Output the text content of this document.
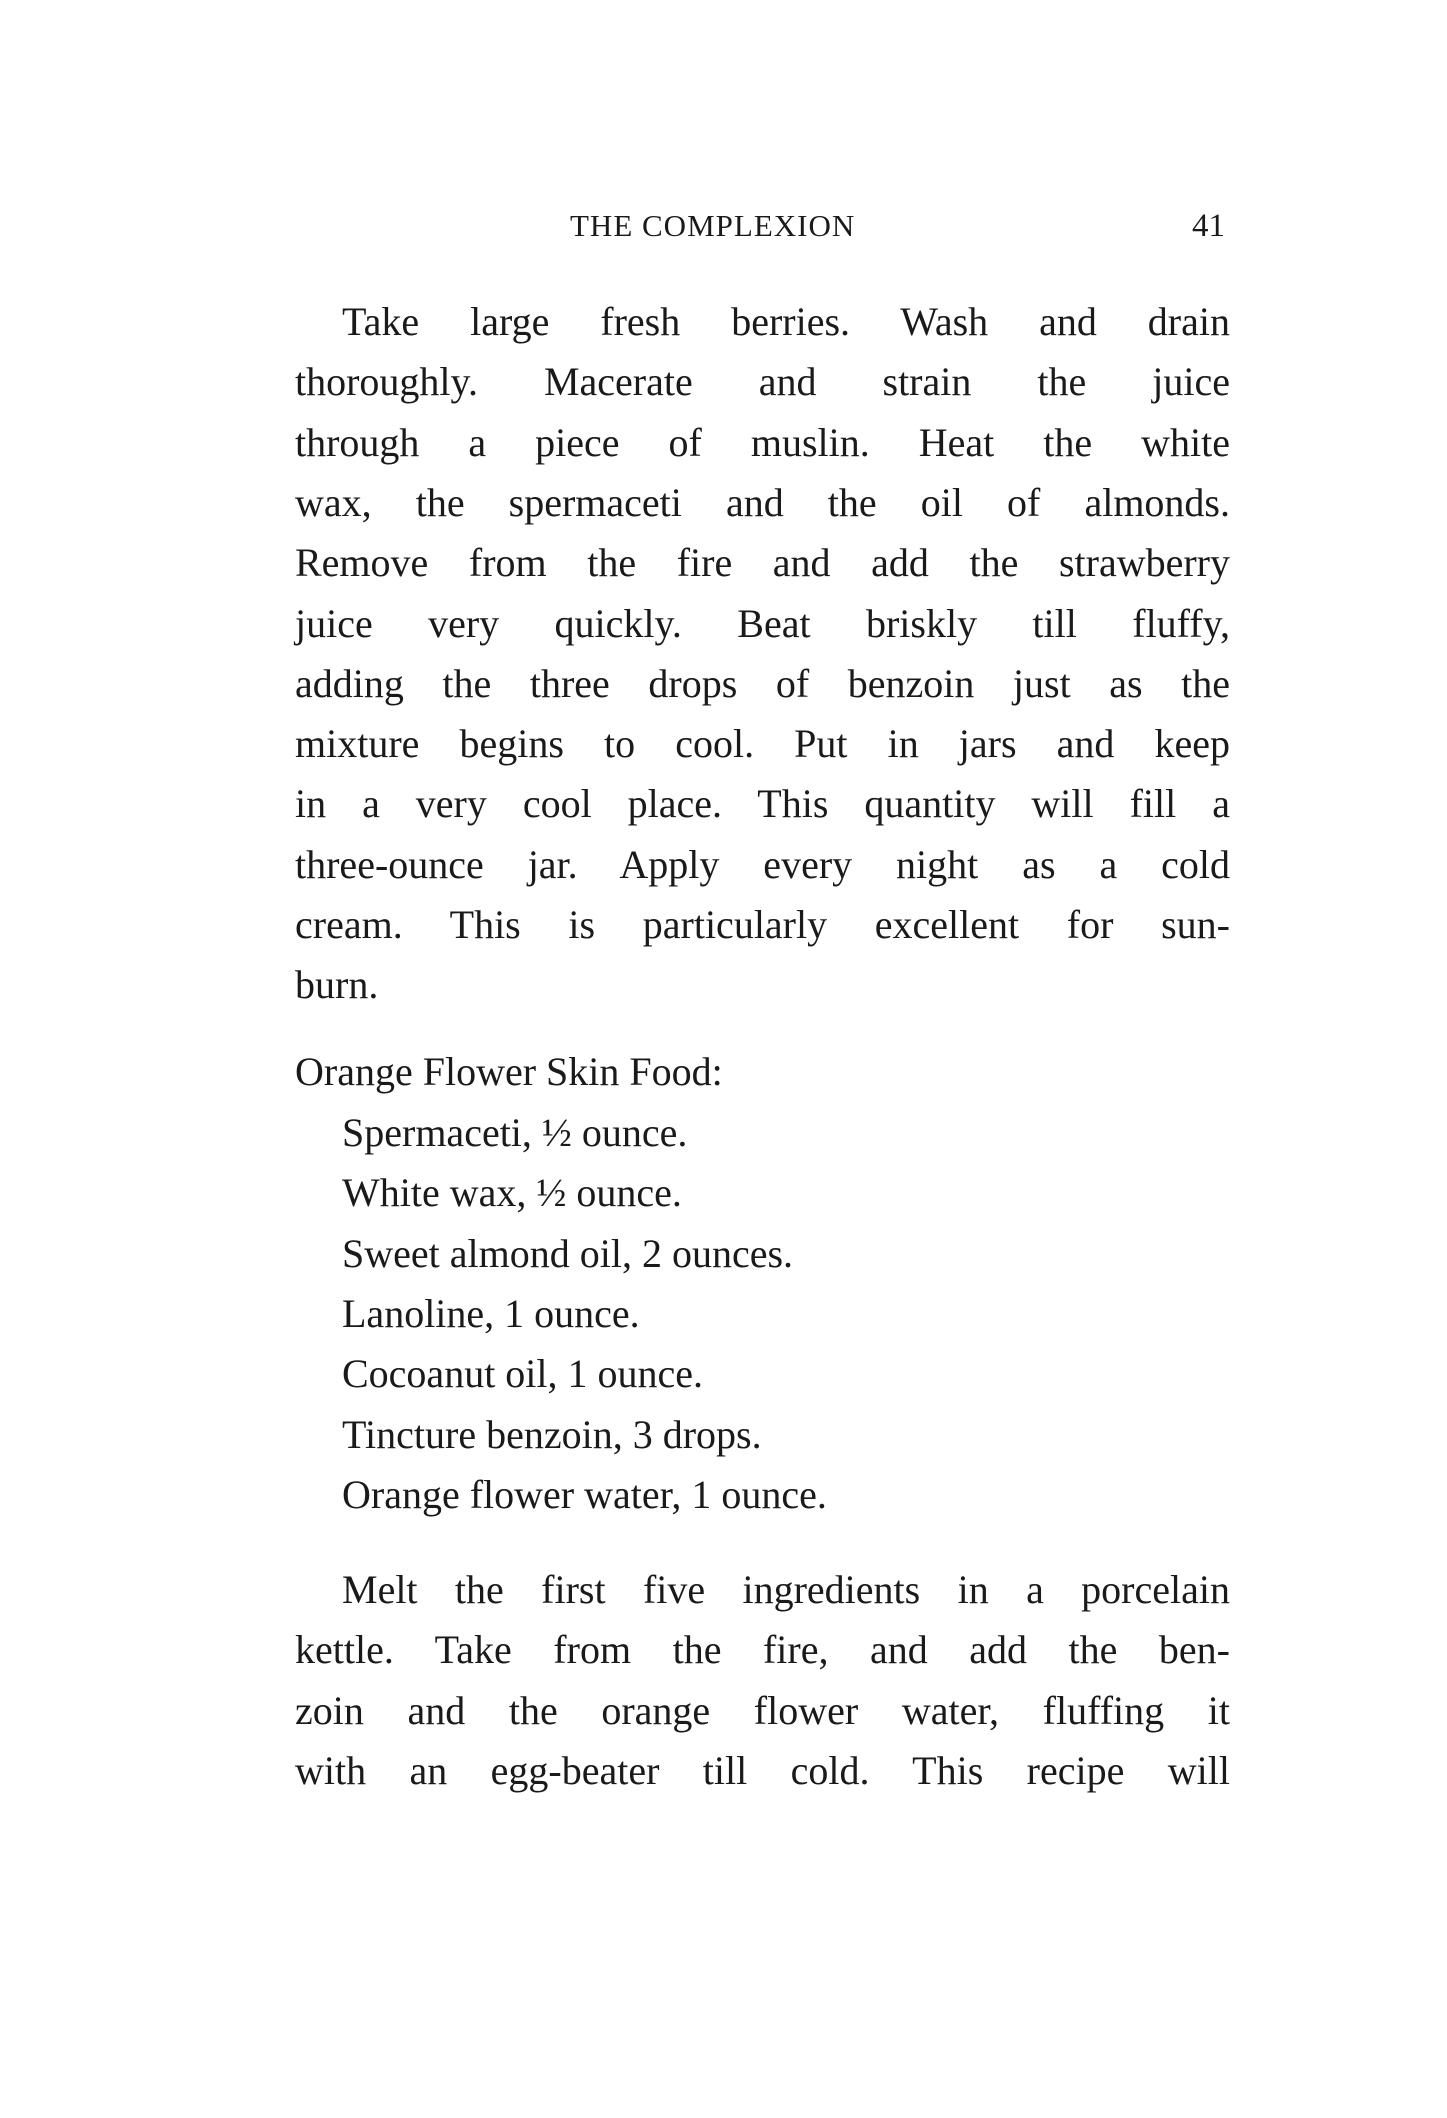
THE COMPLEXION	41
Take large fresh berries. Wash and drain
thoroughly. Macerate and strain the juice
through a piece of muslin. Heat the white
wax, the spermaceti and the oil of almonds.
Remove from the fire and add the strawberry
juice very quickly. Beat briskly till fluffy,
adding the three drops of benzoin just as the
mixture begins to cool. Put in jars and keep
in a very cool place. This quantity will fill a
three-ounce jar. Apply every night as a cold
cream. This is particularly excellent for sun-
burn.
Orange Flower Skin Food:
Spermaceti, ½ ounce.
White wax, ½ ounce.
Sweet almond oil, 2 ounces.
Lanoline, 1 ounce.
Cocoanut oil, 1 ounce.
Tincture benzoin, 3 drops.
Orange flower water, 1 ounce.
Melt the first five ingredients in a porcelain
kettle. Take from the fire, and add the ben-
zoin and the orange flower water, fluffing it
with an egg-beater till cold. This recipe will
